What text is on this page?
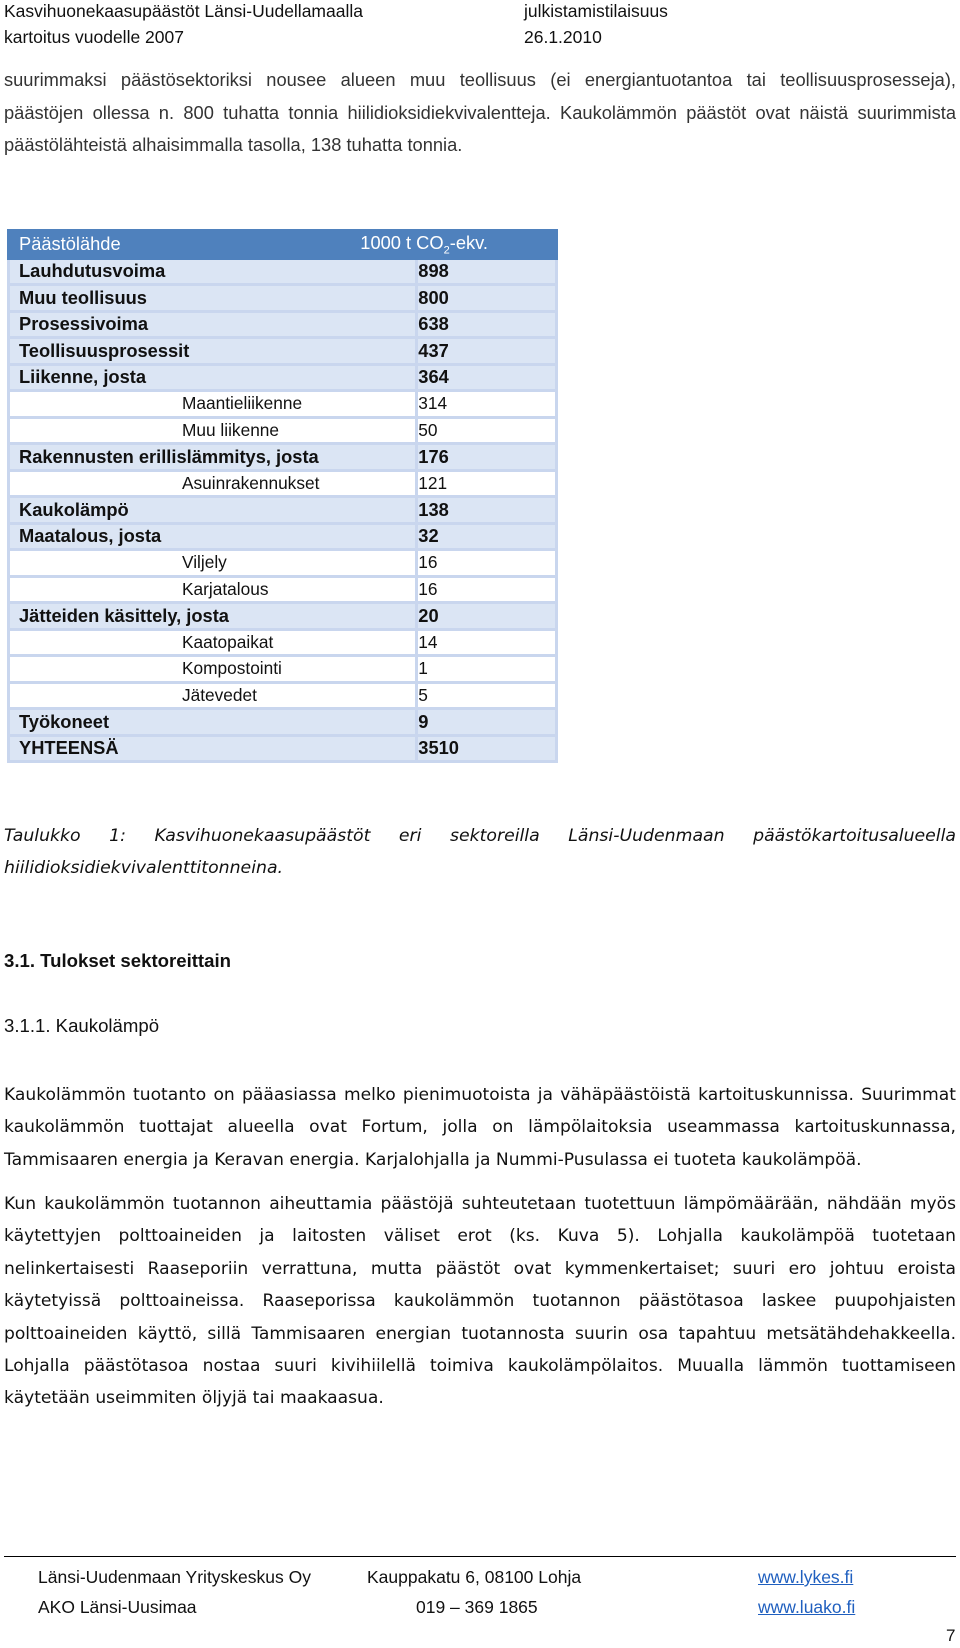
Kasvihuonekaasupäästöt Länsi-Uudellamaalla
kartoitus vuodelle 2007
julkistamistilaisuus
26.1.2010

suurimmaksi päästösektoriksi nousee alueen muu teollisuus (ei energiantuotantoa tai teollisuusprosesseja), päästöjen ollessa n. 800 tuhatta tonnia hiilidioksidiekvivalentteja. Kaukolämmön päästöt ovat näistä suurimmista päästölähteistä alhaisimmalla tasolla, 138 tuhatta tonnia.

Päästölähde	1000 t $CO_2$-ekv.
Lauhdutusvoima	898
Muu teollisuus	800
Prosessivoima	638
Teollisuusprosessit	437
Liikenne, josta	364
Maantieliikenne	314
Muu liikenne	50
Rakennusten erillislämmitys, josta	176
Asuinrakennukset	121
Kaukolämpö	138
Maatalous, josta	32
Viljely	16
Karjatalous	16
Jätteiden käsittely, josta	20
Kaatopaikat	14
Kompostointi	1
Jätevedet	5
Työkoneet	9
YHTEENSÄ	3510
Taulukko 1: Kasvihuonekaasupäästöt eri sektoreilla Länsi-Uudenmaan päästökartoitusalueella hiilidioksidiekvivalenttitonneina.
3.1. Tulokset sektoreittain
3.1.1. Kaukolämpö

Kaukolämmön tuotanto on pääasiassa melko pienimuotoista ja vähäpäästöistä kartoituskunnissa. Suurimmat kaukolämmön tuottajat alueella ovat Fortum, jolla on lämpölaitoksia useammassa kartoituskunnassa, Tammisaaren energia ja Keravan energia. Karjalohjalla ja Nummi-Pusulassa ei tuoteta kaukolämpöä.

Kun kaukolämmön tuotannon aiheuttamia päästöjä suhteutetaan tuotettuun lämpömäärään, nähdään myös käytettyjen polttoaineiden ja laitosten väliset erot (ks. Kuva 5). Lohjalla kaukolämpöä tuotetaan nelinkertaisesti Raaseporiin verrattuna, mutta päästöt ovat kymmenkertaiset; suuri ero johtuu eroista käytetyissä polttoaineissa. Raaseporissa kaukolämmön tuotannon päästötasoa laskee puupohjaisten polttoaineiden käyttö, sillä Tammisaaren energian tuotannosta suurin osa tapahtuu metsätähdehakkeella. Lohjalla päästötasoa nostaa suuri kivihiilellä toimiva kaukolämpölaitos. Muualla lämmön tuottamiseen käytetään useimmiten öljyjä tai maakaasua.

Länsi-Uudenmaan Yrityskeskus Oy	Kauppakatu 6, 08100 Lohja	www.lykes.fi
AKO Länsi-Uusimaa	019 – 369 1865	www.luako.fi
7
